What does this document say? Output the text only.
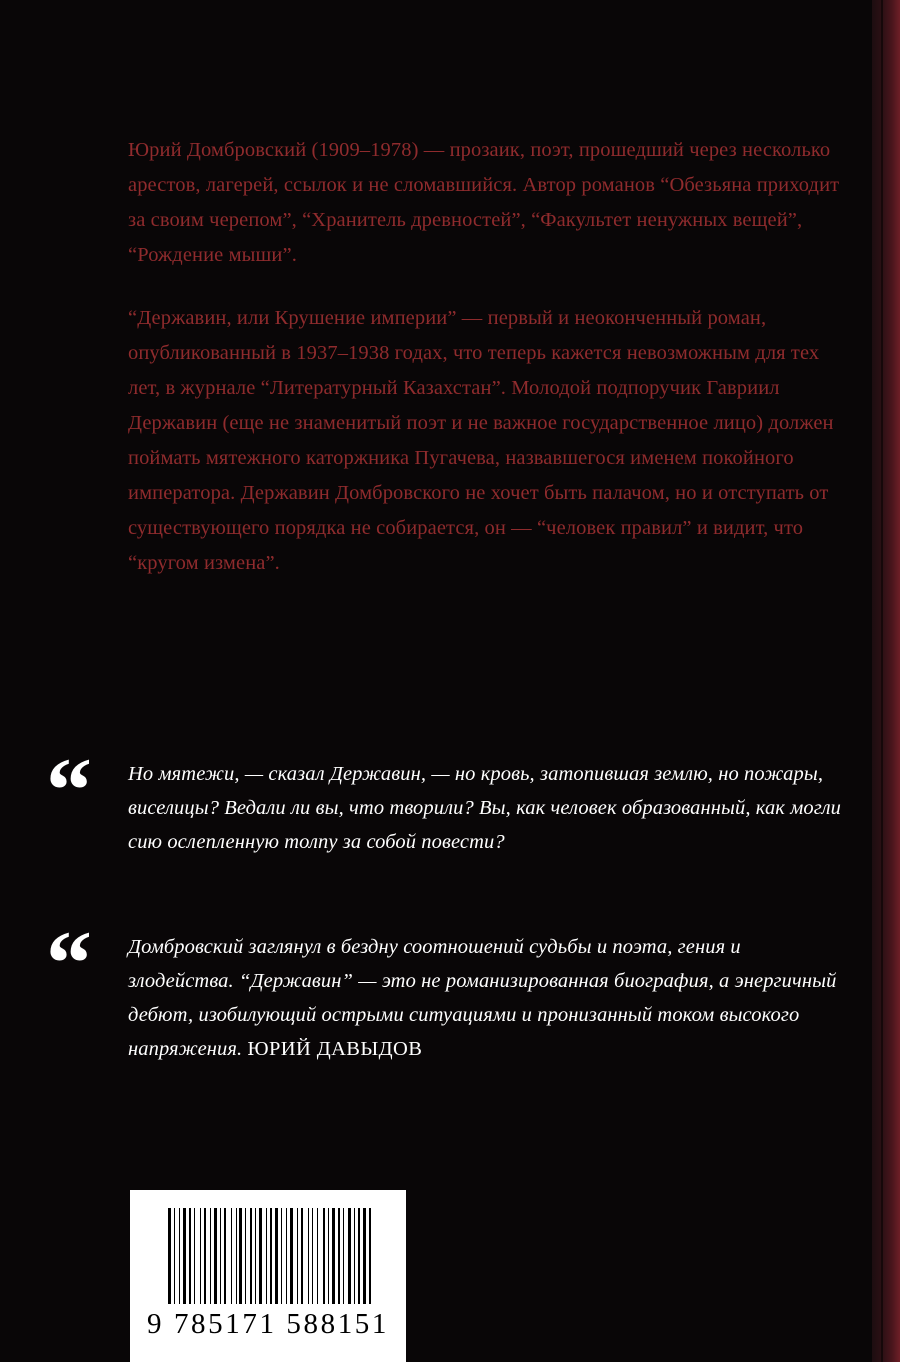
Юрий Домбровский (1909–1978) — прозаик, поэт, прошедший через несколько арестов, лагерей, ссылок и не сломавшийся. Автор романов “Обезьяна приходит за своим черепом”, “Хранитель древностей”, “Факультет ненужных вещей”, “Рождение мыши”.

“Державин, или Крушение империи” — первый и неоконченный роман, опубликованный в 1937–1938 годах, что теперь кажется невозможным для тех лет, в журнале “Литературный Казахстан”. Молодой подпоручик Гавриил Державин (еще не знаменитый поэт и не важное государственное лицо) должен поймать мятежного каторжника Пугачева, назвавшегося именем покойного императора. Державин Домбровского не хочет быть палачом, но и отступать от существующего порядка не собирается, он — “человек правил” и видит, что “кругом измена”.

“	Но мятежи, — сказал Державин, — но кровь, затопившая землю, но пожары, виселицы? Ведали ли вы, что творили? Вы, как человек образованный, как могли сию ослепленную толпу за собой повести?
“	Домбровский заглянул в бездну соотношений судьбы и поэта, гения и злодейства. “Державин” — это не романизированная биография, а энергичный дебют, изобилующий острыми ситуациями и пронизанный током высокого напряжения. ЮРИЙ ДАВЫДОВ
9 785171 588151
